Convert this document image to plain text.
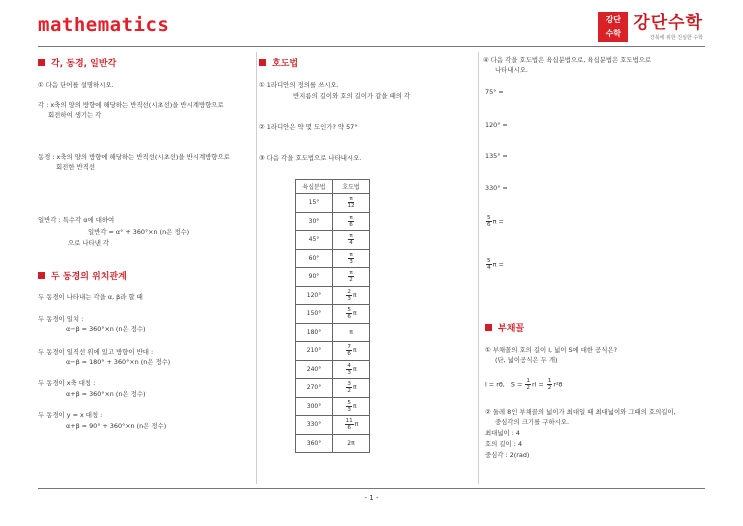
mathematics	강단
수학
강단수학
강북에 위한 진심한 수학
각, 동경, 일반각
① 다음 단어를 설명하시오.
각 : x축의 양의 방향에 해당하는 반직선(시초선)을 반시계방향으로
회전하여 생기는 각
동경 : x축의 양의 방향에 해당하는 반직선(시초선)을 반시계방향으로
회전한 반직선
일반각 : 특수각 α에 대하여
일반각 = α° + 360°×n (n은 정수)
으로 나타낸 각
두 동경의 위치관계
두 동경이 나타내는 각을 α, β라 할 때
두 동경이 일치 :
α−β = 360°×n (n은 정수)
두 동경이 일직선 위에 있고 방향이 반대 :
α−β = 180° + 360°×n (n은 정수)
두 동경이 x축 대칭 :
α+β = 360°×n (n은 정수)
두 동경이 y = x 대칭 :
α+β = 90° + 360°×n (n은 정수)
호도법
① 1라디안의 정의를 쓰시오.
반지름의 길이와 호의 길이가 같을 때의 각
② 1라디안은 약 몇 도인가? 약 57°
③ 다음 각을 호도법으로 나타내시오.
육십분법	호도법
15°	$\frac{\pi}{12}$

30°	$\frac{\pi}{6}$

45°	$\frac{\pi}{4}$

60°	$\frac{\pi}{3}$

90°	$\frac{\pi}{2}$

120°	$\frac{2}{3}$ π
150°	$\frac{5}{6}$ π
180°	π
210°	$\frac{7}{6}$ π
240°	$\frac{4}{3}$ π
270°	$\frac{3}{2}$ π
300°	$\frac{5}{3}$ π
330°	$\frac{11}{6}$ π
360°	2π
④ 다음 각을 호도법은 육십분법으로, 육십분법은 호도법으로
나타내시오.
75° =
120° =
135° =
330° =
$\frac{5}{6}$ π =
$\frac{5}{4}$ π =
부채꼴
① 부채꼴의 호의 길이 l, 넓이 S에 대한 공식은?
(단, 넓이공식은 두 개)
l = rθ, $S = \frac{1}{2}$ rl = $\frac{1}{2} r^2\theta$
② 둘레 8인 부채꼴의 넓이가 최대일 때 최대넓이와 그때의 호의길이,
중심각의 크기를 구하시오.
최대넓이 : 4
호의 길이 : 4
중심각 : 2(rad)
- 1 -
